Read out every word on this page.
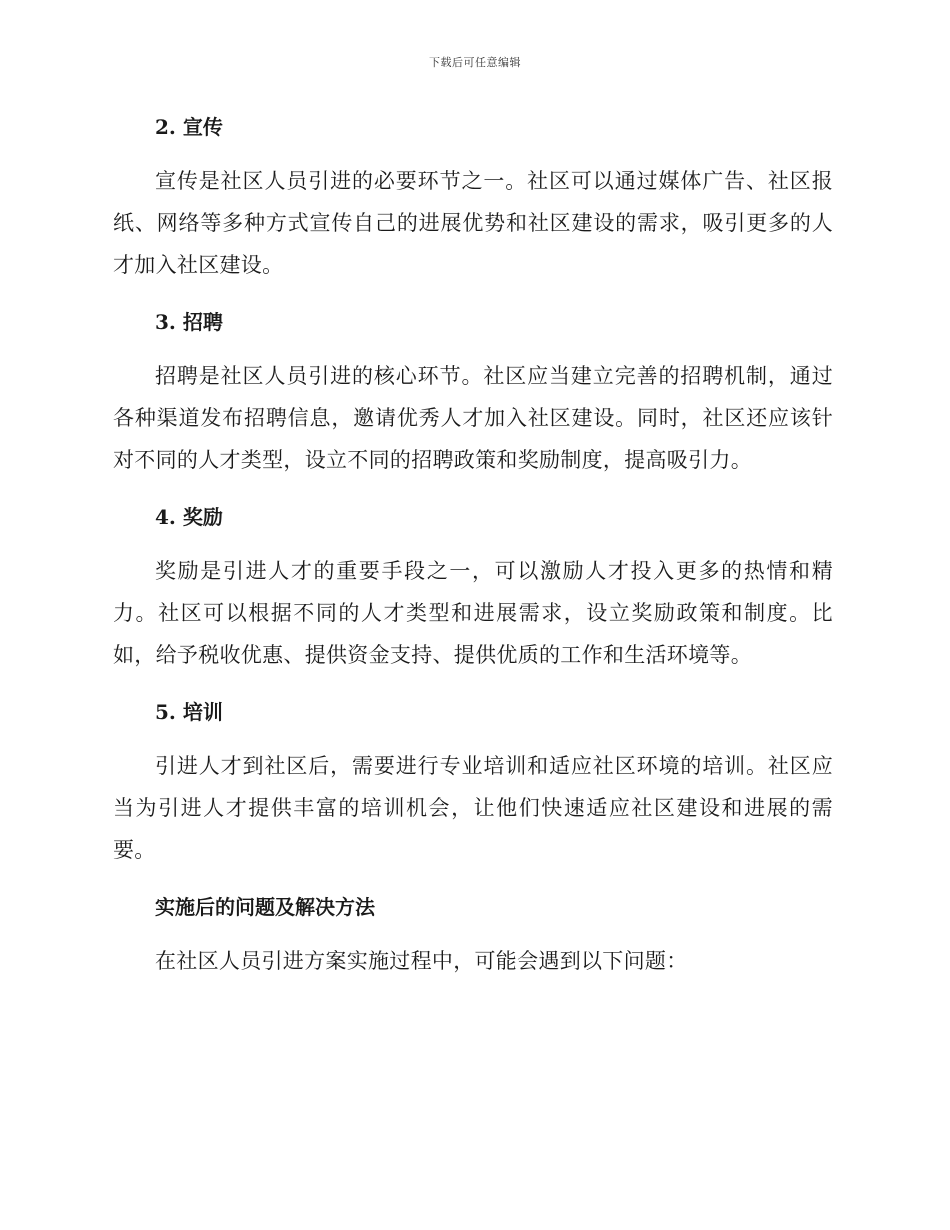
下载后可任意编辑
2. 宣传

宣传是社区人员引进的必要环节之一。社区可以通过媒体广告、社区报纸、网络等多种方式宣传自己的进展优势和社区建设的需求，吸引更多的人才加入社区建设。

3. 招聘

招聘是社区人员引进的核心环节。社区应当建立完善的招聘机制，通过各种渠道发布招聘信息，邀请优秀人才加入社区建设。同时，社区还应该针对不同的人才类型，设立不同的招聘政策和奖励制度，提高吸引力。

4. 奖励

奖励是引进人才的重要手段之一，可以激励人才投入更多的热情和精力。社区可以根据不同的人才类型和进展需求，设立奖励政策和制度。比如，给予税收优惠、提供资金支持、提供优质的工作和生活环境等。

5. 培训

引进人才到社区后，需要进行专业培训和适应社区环境的培训。社区应当为引进人才提供丰富的培训机会，让他们快速适应社区建设和进展的需要。

实施后的问题及解决方法

在社区人员引进方案实施过程中，可能会遇到以下问题：
